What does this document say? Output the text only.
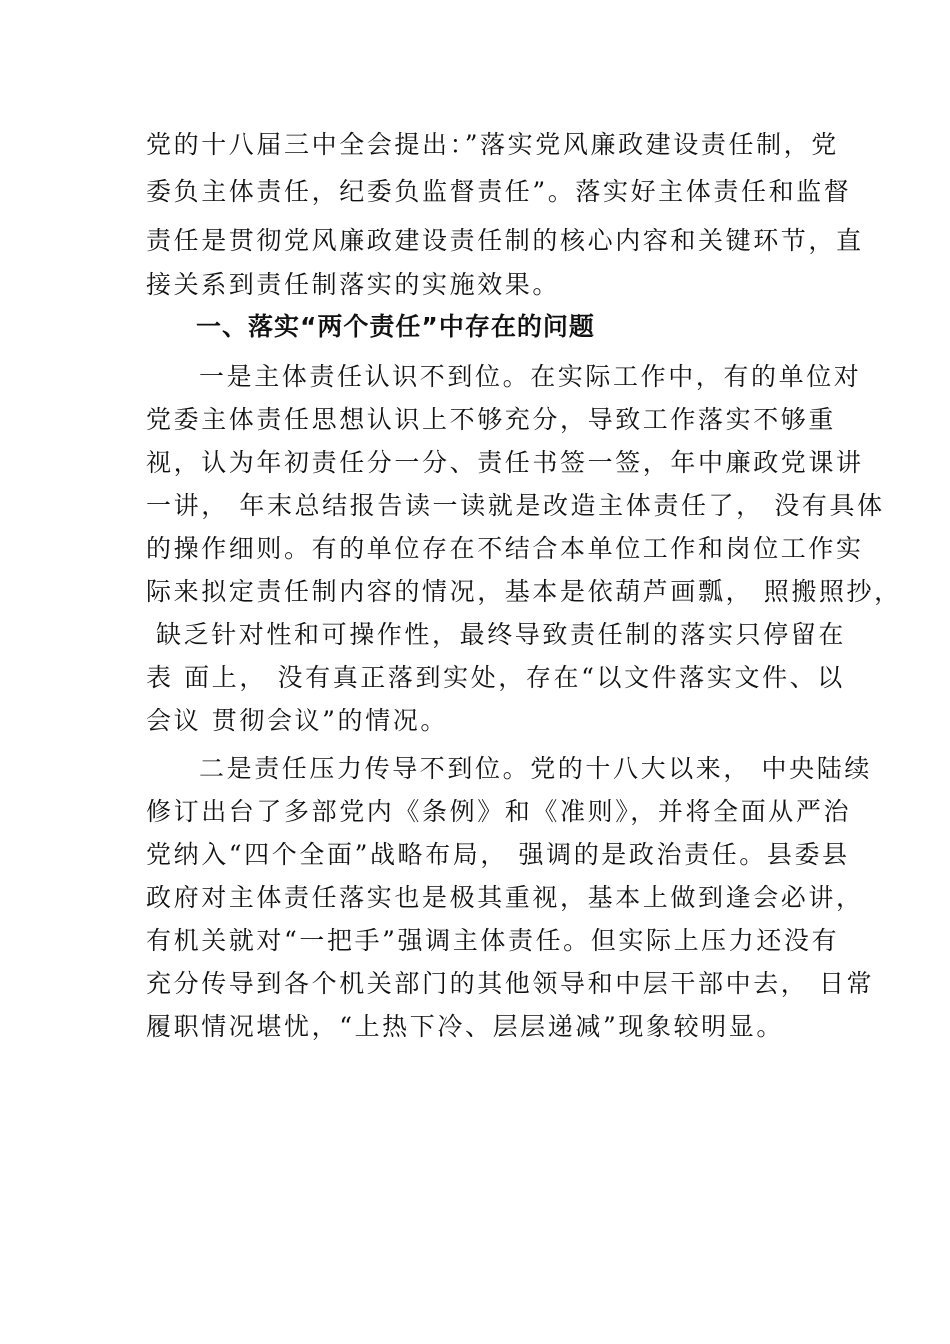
党的十八届三中全会提出：”落实党风廉政建设责任制，党
委负主体责任，纪委负监督责任”。落实好主体责任和监督
责任是贯彻党风廉政建设责任制的核心内容和关键环节，直
接关系到责任制落实的实施效果。
一、落实“两个责任”中存在的问题
一是主体责任认识不到位。在实际工作中，有的单位对
党委主体责任思想认识上不够充分，导致工作落实不够重
视，认为年初责任分一分、责任书签一签，年中廉政党课讲
一讲， 年末总结报告读一读就是改造主体责任了， 没有具体
的操作细则。有的单位存在不结合本单位工作和岗位工作实
际来拟定责任制内容的情况，基本是依葫芦画瓢， 照搬照抄，
缺乏针对性和可操作性，最终导致责任制的落实只停留在
表 面上， 没有真正落到实处，存在“以文件落实文件、以
会议 贯彻会议”的情况。
二是责任压力传导不到位。党的十八大以来， 中央陆续
修订出台了多部党内《条例》和《准则》，并将全面从严治
党纳入“四个全面”战略布局， 强调的是政治责任。县委县
政府对主体责任落实也是极其重视，基本上做到逢会必讲，
有机关就对“一把手”强调主体责任。但实际上压力还没有
充分传导到各个机关部门的其他领导和中层干部中去， 日常
履职情况堪忧，“上热下冷、层层递减”现象较明显。
